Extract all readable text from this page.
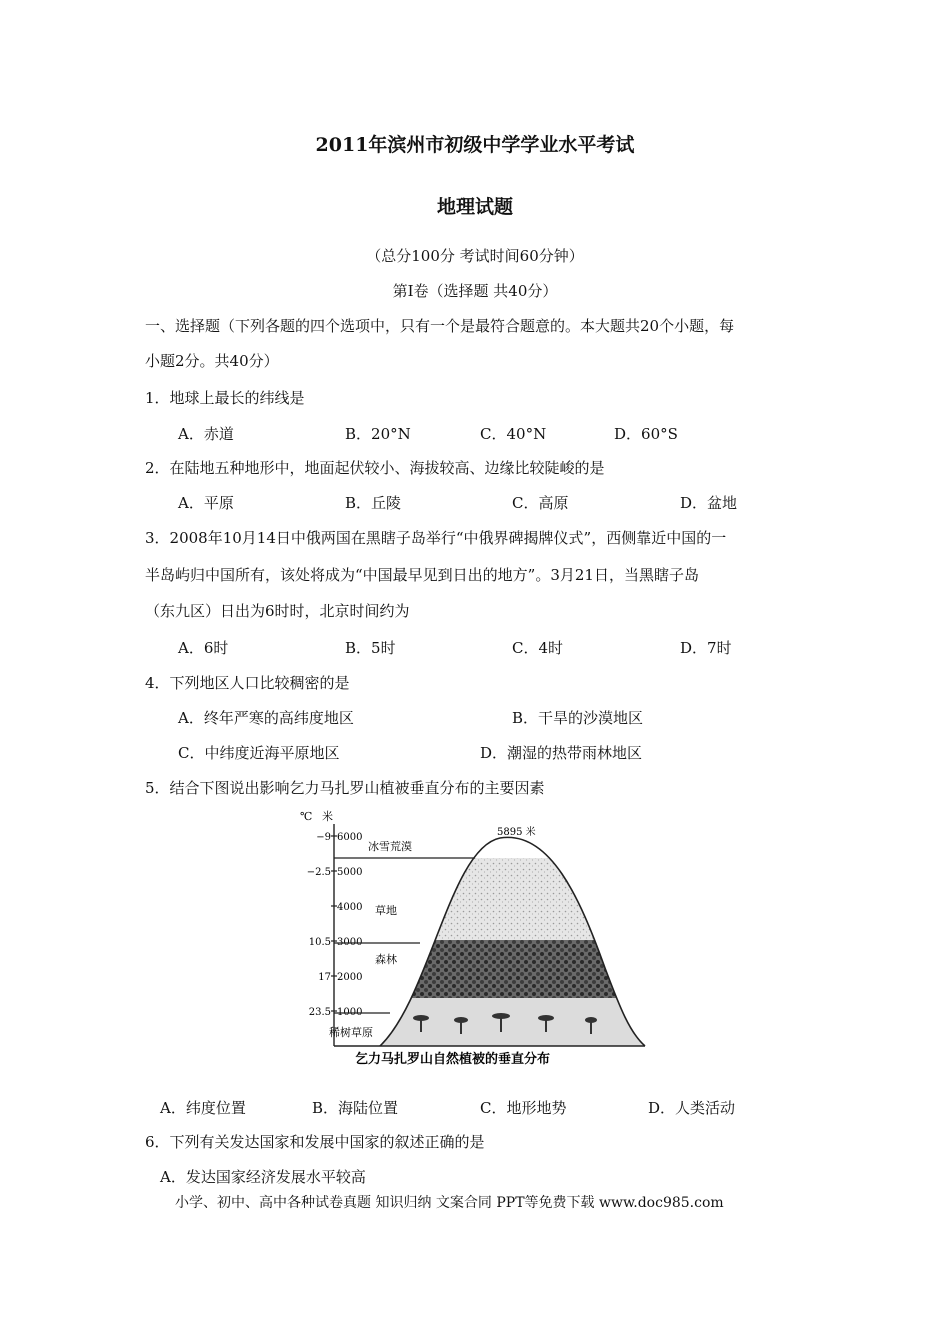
2011年滨州市初级中学学业水平考试
地理试题
（总分100分 考试时间60分钟）
第Ⅰ卷（选择题 共40分）
一、选择题（下列各题的四个选项中，只有一个是最符合题意的。本大题共20个小题，每
小题2分。共40分）
1．地球上最长的纬线是
A．赤道	B．20°N	C．40°N	D．60°S
2．在陆地五种地形中，地面起伏较小、海拔较高、边缘比较陡峻的是
A．平原	B．丘陵	C．高原	D．盆地
3．2008年10月14日中俄两国在黑瞎子岛举行“中俄界碑揭牌仪式”，西侧靠近中国的一
半岛屿归中国所有，该处将成为“中国最早见到日出的地方”。3月21日，当黑瞎子岛
（东九区）日出为6时时，北京时间约为
A．6时	B．5时	C．4时	D．7时
4．下列地区人口比较稠密的是
A．终年严寒的高纬度地区	B．干旱的沙漠地区
C．中纬度近海平原地区	D．潮湿的热带雨林地区
5．结合下图说出影响乞力马扎罗山植被垂直分布的主要因素
6000
−9
5000
−2.5
4000
3000
10.5
2000
17
1000
23.5
℃ 米
5895 米
冰雪荒漠
草地
森林
稀树草原
乞力马扎罗山自然植被的垂直分布
A．纬度位置	B．海陆位置	C．地形地势	D．人类活动
6．下列有关发达国家和发展中国家的叙述正确的是
A．发达国家经济发展水平较高
小学、初中、高中各种试卷真题 知识归纳 文案合同 PPT等免费下载 www.doc985.com
